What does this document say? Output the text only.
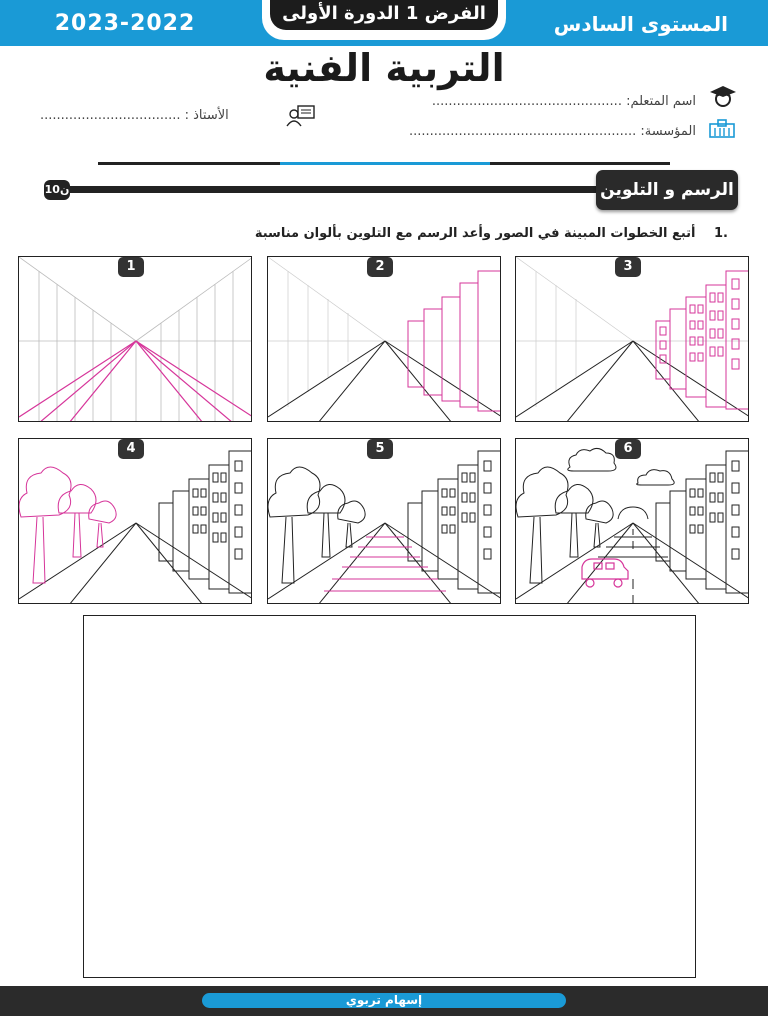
2023-2022	المستوى السادس
الفرض 1 الدورة الأولى
التربية الفنية
اسم المتعلم: ..............................................
المؤسسة: .......................................................
الأستاذ : ..................................
10ن	الرسم و التلوين
.1 أتبع الخطوات المبينة في الصور وأعد الرسم مع التلوين بألوان مناسبة
1	2	3
4	5	6
إسهام تربوي
